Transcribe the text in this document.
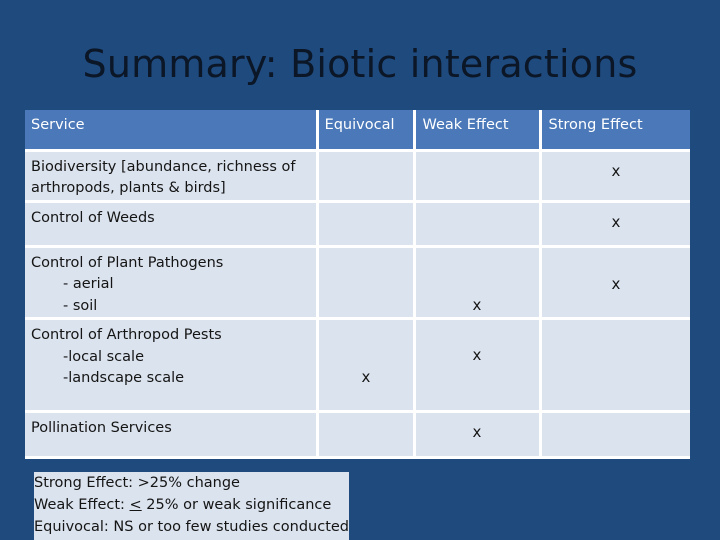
Summary: Biotic interactions
Service	Equivocal	Weak Effect	Strong Effect

Biodiversity [abundance, richness of
arthropods, plants & birds]			x

Control of Weeds			x

Control of Plant Pathogens
- aerial
- soil		x	x

Control of Arthropod Pests
-local scale
-landscape scale	x	x	

Pollination Services		x	

Strong Effect: >25% change
Weak Effect: < 25% or weak significance
Equivocal: NS or too few studies conducted
